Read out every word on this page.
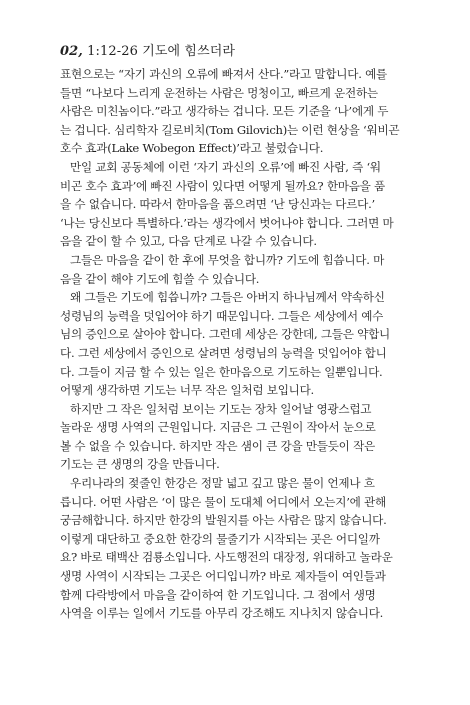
02, 1:12-26 기도에 힘쓰더라
표현으로는 “자기 과신의 오류에 빠져서 산다.”라고 말합니다. 예를
들면 “나보다 느리게 운전하는 사람은 멍청이고, 빠르게 운전하는
사람은 미친놈이다.”라고 생각하는 겁니다. 모든 기준을 ‘나’에게 두
는 겁니다. 심리학자 길로비치(Tom Gilovich)는 이런 현상을 ‘워비곤
호수 효과(Lake Wobegon Effect)’라고 불렀습니다.
만일 교회 공동체에 이런 ‘자기 과신의 오류’에 빠진 사람, 즉 ‘워
비곤 호수 효과’에 빠진 사람이 있다면 어떻게 될까요? 한마음을 품
을 수 없습니다. 따라서 한마음을 품으려면 ‘난 당신과는 다르다.’
‘나는 당신보다 특별하다.’라는 생각에서 벗어나야 합니다. 그러면 마
음을 같이 할 수 있고, 다음 단계로 나갈 수 있습니다.
그들은 마음을 같이 한 후에 무엇을 합니까? 기도에 힘씁니다. 마
음을 같이 해야 기도에 힘쓸 수 있습니다.
왜 그들은 기도에 힘씁니까? 그들은 아버지 하나님께서 약속하신
성령님의 능력을 덧입어야 하기 때문입니다. 그들은 세상에서 예수
님의 증인으로 살아야 합니다. 그런데 세상은 강한데, 그들은 약합니
다. 그런 세상에서 증인으로 살려면 성령님의 능력을 덧입어야 합니
다. 그들이 지금 할 수 있는 일은 한마음으로 기도하는 일뿐입니다.
어떻게 생각하면 기도는 너무 작은 일처럼 보입니다.
하지만 그 작은 일처럼 보이는 기도는 장차 일어날 영광스럽고
놀라운 생명 사역의 근원입니다. 지금은 그 근원이 작아서 눈으로
볼 수 없을 수 있습니다. 하지만 작은 샘이 큰 강을 만들듯이 작은
기도는 큰 생명의 강을 만듭니다.
우리나라의 젖줄인 한강은 정말 넓고 깊고 많은 물이 언제나 흐
릅니다. 어떤 사람은 ‘이 많은 물이 도대체 어디에서 오는지’에 관해
궁금해합니다. 하지만 한강의 발원지를 아는 사람은 많지 않습니다.
이렇게 대단하고 중요한 한강의 물줄기가 시작되는 곳은 어디일까
요? 바로 태백산 검룡소입니다. 사도행전의 대장정, 위대하고 놀라운
생명 사역이 시작되는 그곳은 어디입니까? 바로 제자들이 여인들과
함께 다락방에서 마음을 같이하여 한 기도입니다. 그 점에서 생명
사역을 이루는 일에서 기도를 아무리 강조해도 지나치지 않습니다.
